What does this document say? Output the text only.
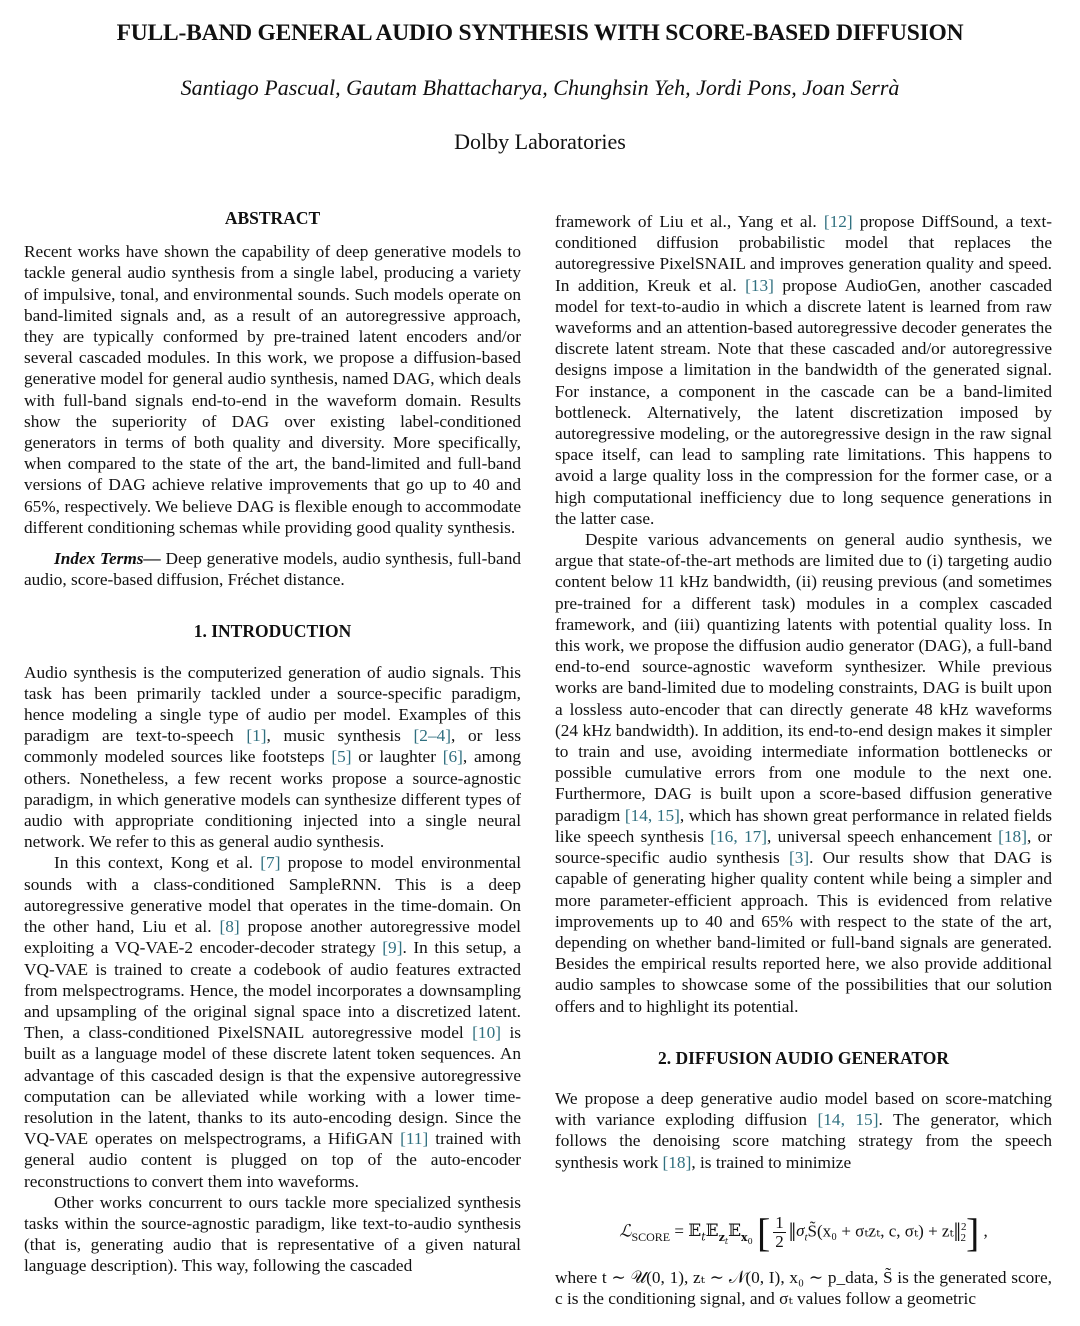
FULL-BAND GENERAL AUDIO SYNTHESIS WITH SCORE-BASED DIFFUSION
Santiago Pascual, Gautam Bhattacharya, Chunghsin Yeh, Jordi Pons, Joan Serrà
Dolby Laboratories
ABSTRACT

Recent works have shown the capability of deep generative models to tackle general audio synthesis from a single label, producing a variety of impulsive, tonal, and environmental sounds. Such models operate on band-limited signals and, as a result of an autoregressive approach, they are typically conformed by pre-trained latent encoders and/or several cascaded modules. In this work, we propose a diffusion-based generative model for general audio synthesis, named DAG, which deals with full-band signals end-to-end in the waveform domain. Results show the superiority of DAG over existing label-conditioned generators in terms of both quality and diversity. More specifically, when compared to the state of the art, the band-limited and full-band versions of DAG achieve relative improvements that go up to 40 and 65%, respectively. We believe DAG is flexible enough to accommodate different conditioning schemas while providing good quality synthesis.

Index Terms— Deep generative models, audio synthesis, full-band audio, score-based diffusion, Fréchet distance.

1. INTRODUCTION

Audio synthesis is the computerized generation of audio signals. This task has been primarily tackled under a source-specific paradigm, hence modeling a single type of audio per model. Examples of this paradigm are text-to-speech [1], music synthesis [2–4], or less commonly modeled sources like footsteps [5] or laughter [6], among others. Nonetheless, a few recent works propose a source-agnostic paradigm, in which generative models can synthesize different types of audio with appropriate conditioning injected into a single neural network. We refer to this as general audio synthesis.

In this context, Kong et al. [7] propose to model environmental sounds with a class-conditioned SampleRNN. This is a deep autoregressive generative model that operates in the time-domain. On the other hand, Liu et al. [8] propose another autoregressive model exploiting a VQ-VAE-2 encoder-decoder strategy [9]. In this setup, a VQ-VAE is trained to create a codebook of audio features extracted from melspectrograms. Hence, the model incorporates a downsampling and upsampling of the original signal space into a discretized latent. Then, a class-conditioned PixelSNAIL autoregressive model [10] is built as a language model of these discrete latent token sequences. An advantage of this cascaded design is that the expensive autoregressive computation can be alleviated while working with a lower time-resolution in the latent, thanks to its auto-encoding design. Since the VQ-VAE operates on melspectrograms, a HifiGAN [11] trained with general audio content is plugged on top of the auto-encoder reconstructions to convert them into waveforms.

Other works concurrent to ours tackle more specialized synthesis tasks within the source-agnostic paradigm, like text-to-audio synthesis (that is, generating audio that is representative of a given natural language description). This way, following the cascaded

framework of Liu et al., Yang et al. [12] propose DiffSound, a text-conditioned diffusion probabilistic model that replaces the autoregressive PixelSNAIL and improves generation quality and speed. In addition, Kreuk et al. [13] propose AudioGen, another cascaded model for text-to-audio in which a discrete latent is learned from raw waveforms and an attention-based autoregressive decoder generates the discrete latent stream. Note that these cascaded and/or autoregressive designs impose a limitation in the bandwidth of the generated signal. For instance, a component in the cascade can be a band-limited bottleneck. Alternatively, the latent discretization imposed by autoregressive modeling, or the autoregressive design in the raw signal space itself, can lead to sampling rate limitations. This happens to avoid a large quality loss in the compression for the former case, or a high computational inefficiency due to long sequence generations in the latter case.

Despite various advancements on general audio synthesis, we argue that state-of-the-art methods are limited due to (i) targeting audio content below 11 kHz bandwidth, (ii) reusing previous (and sometimes pre-trained for a different task) modules in a complex cascaded framework, and (iii) quantizing latents with potential quality loss. In this work, we propose the diffusion audio generator (DAG), a full-band end-to-end source-agnostic waveform synthesizer. While previous works are band-limited due to modeling constraints, DAG is built upon a lossless auto-encoder that can directly generate 48 kHz waveforms (24 kHz bandwidth). In addition, its end-to-end design makes it simpler to train and use, avoiding intermediate information bottlenecks or possible cumulative errors from one module to the next one. Furthermore, DAG is built upon a score-based diffusion generative paradigm [14, 15], which has shown great performance in related fields like speech synthesis [16, 17], universal speech enhancement [18], or source-specific audio synthesis [3]. Our results show that DAG is capable of generating higher quality content while being a simpler and more parameter-efficient approach. This is evidenced from relative improvements up to 40 and 65% with respect to the state of the art, depending on whether band-limited or full-band signals are generated. Besides the empirical results reported here, we also provide additional audio samples to showcase some of the possibilities that our solution offers and to highlight its potential.

2. DIFFUSION AUDIO GENERATOR

We propose a deep generative audio model based on score-matching with variance exploding diffusion [14, 15]. The generator, which follows the denoising score matching strategy from the speech synthesis work [18], is trained to minimize

ℒ$_{SCORE}$ = 𝔼$_t$𝔼$_{z_t}$𝔼$_{x_0}$ [ $\frac{1}{2}$ $‖\sigma_tS̃(x_0 + \sigma_tz_t$, c, σₜ) + zₜ‖$^2_2$] ,

where t ∼ 𝒰(0, 1), zₜ ∼ 𝒩(0, I), x₀ ∼ p_data, S̃ is the generated score, c is the conditioning signal, and σₜ values follow a geometric
